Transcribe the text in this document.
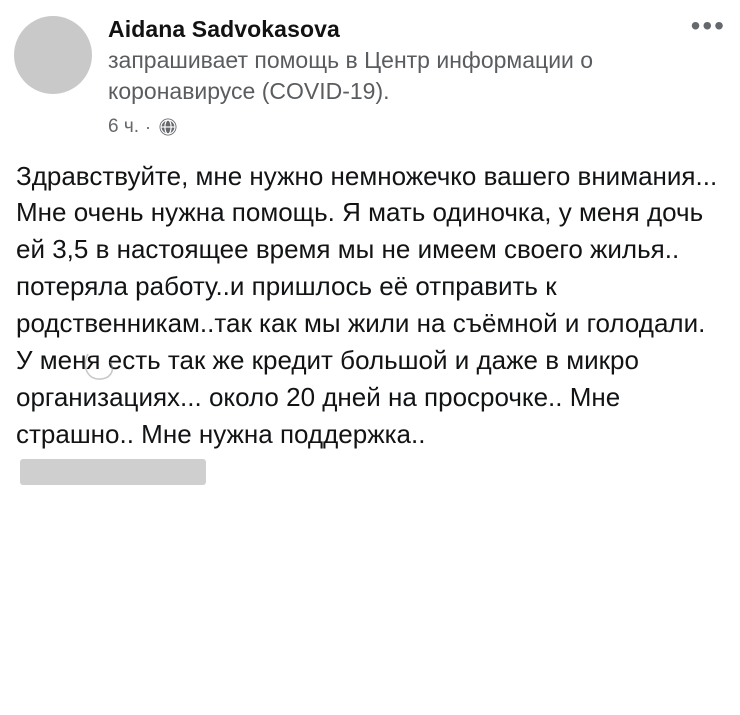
Aidana Sadvokasova
запрашивает помощь в Центр информации о коронавирусе (COVID-19).
6 ч. ·
•••

Здравствуйте, мне нужно немножечко вашего внимания... Мне очень нужна помощь. Я мать одиночка, у меня дочь ей 3,5 в настоящее время мы не имеем своего жилья.. потеряла работу..и пришлось её отправить к родственникам..так как мы жили на съёмной и голодали. У меня есть так же кредит большой и даже в микро организациях... около 20 дней на просрочке.. Мне страшно.. Мне нужна поддержка..
